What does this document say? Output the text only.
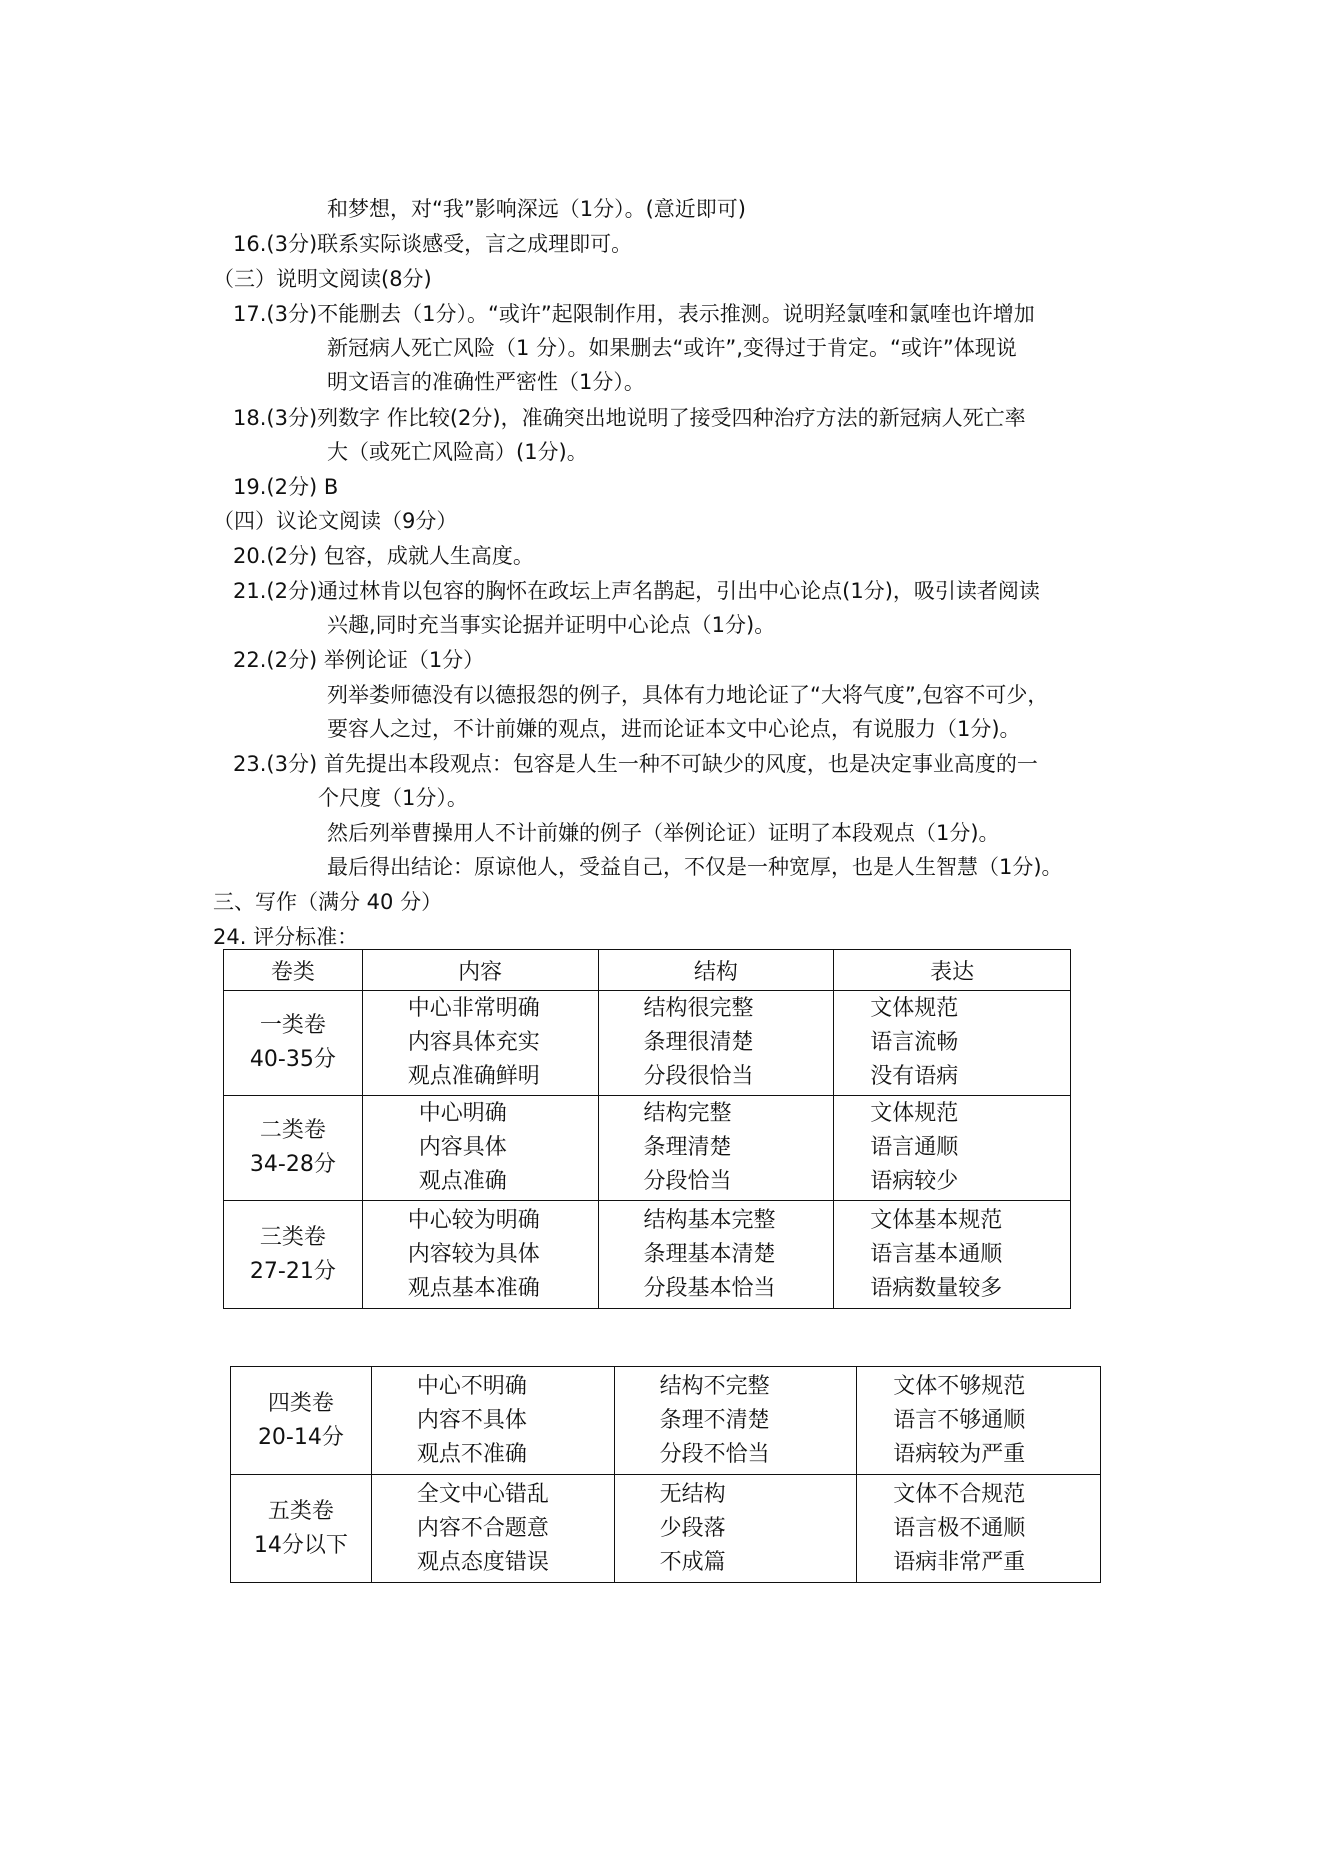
和梦想，对“我”影响深远（1分）。(意近即可)
16.(3分)联系实际谈感受，言之成理即可。
（三）说明文阅读(8分)
17.(3分)不能删去（1分）。“或许”起限制作用，表示推测。说明羟氯喹和氯喹也许增加
新冠病人死亡风险（1 分）。如果删去“或许”,变得过于肯定。“或许”体现说
明文语言的准确性严密性（1分）。
18.(3分)列数字 作比较(2分)，准确突出地说明了接受四种治疗方法的新冠病人死亡率
大（或死亡风险高）(1分)。
19.(2分) B
（四）议论文阅读（9分）
20.(2分) 包容，成就人生高度。
21.(2分)通过林肯以包容的胸怀在政坛上声名鹊起，引出中心论点(1分)，吸引读者阅读
兴趣,同时充当事实论据并证明中心论点（1分)。
22.(2分) 举例论证（1分）
列举娄师德没有以德报怨的例子，具体有力地论证了“大将气度”,包容不可少，
要容人之过，不计前嫌的观点，进而论证本文中心论点，有说服力（1分)。
23.(3分) 首先提出本段观点：包容是人生一种不可缺少的风度，也是决定事业高度的一
个尺度（1分）。
然后列举曹操用人不计前嫌的例子（举例论证）证明了本段观点（1分)。
最后得出结论：原谅他人，受益自己，不仅是一种宽厚，也是人生智慧（1分)。
三、写作（满分 40 分）
24. 评分标准：
卷类	内容	结构	表达

一类卷
40-35分	中心非常明确
内容具体充实
观点准确鲜明	结构很完整
条理很清楚
分段很恰当	文体规范
语言流畅
没有语病

二类卷
34-28分	中心明确
内容具体
观点准确	结构完整
条理清楚
分段恰当	文体规范
语言通顺
语病较少

三类卷
27-21分	中心较为明确
内容较为具体
观点基本准确	结构基本完整
条理基本清楚
分段基本恰当	文体基本规范
语言基本通顺
语病数量较多
四类卷
20-14分	中心不明确
内容不具体
观点不准确	结构不完整
条理不清楚
分段不恰当	文体不够规范
语言不够通顺
语病较为严重

五类卷
14分以下	全文中心错乱
内容不合题意
观点态度错误	无结构
少段落
不成篇	文体不合规范
语言极不通顺
语病非常严重
